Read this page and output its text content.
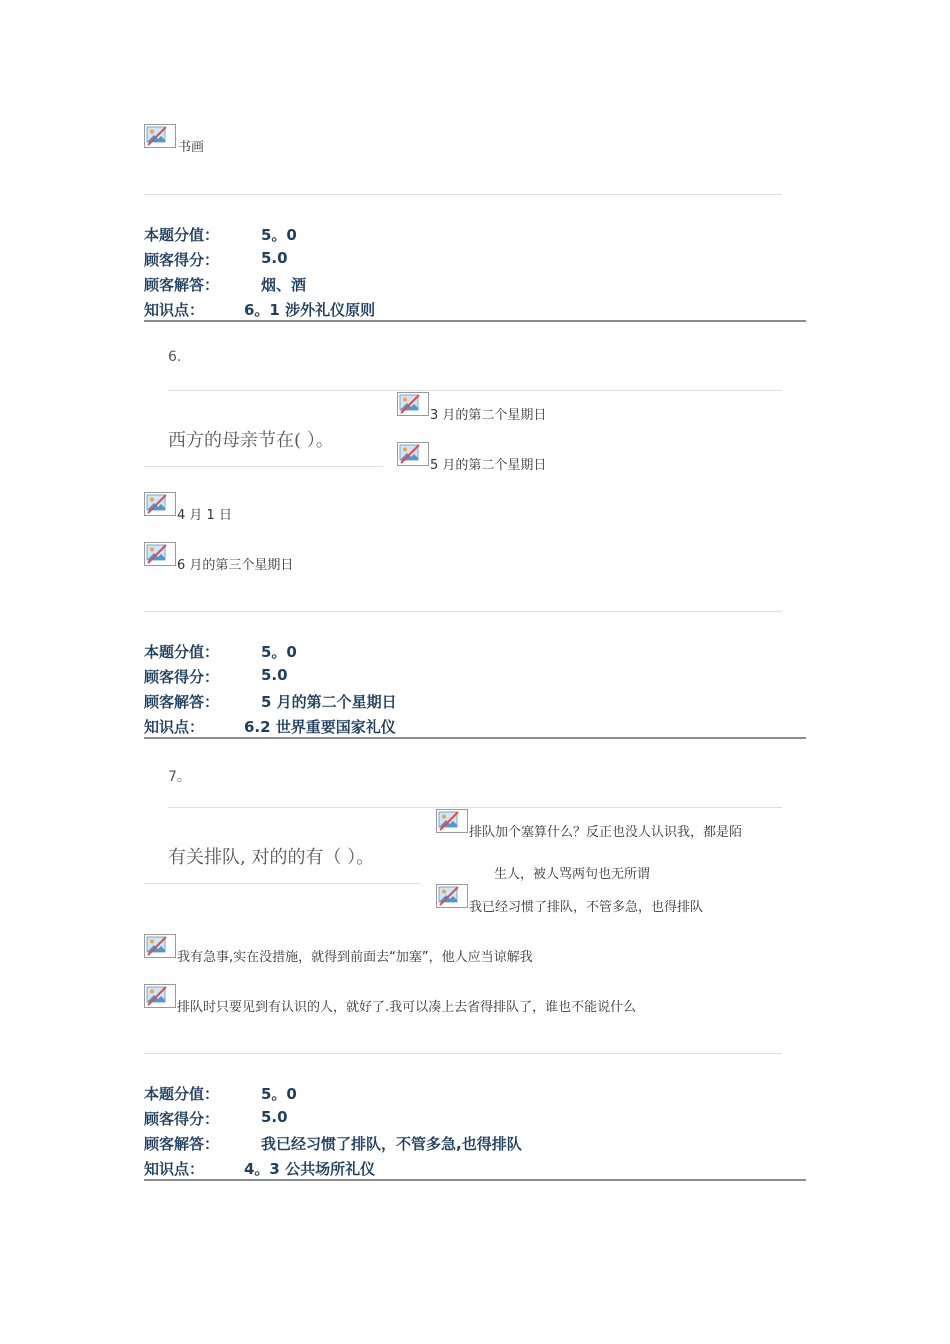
书画
本题分值：	5。0
顾客得分：	5.0
顾客解答：	烟、酒
知识点：	6。1 涉外礼仪原则
6.
西方的母亲节在( ）。
3 月的第二个星期日
5 月的第二个星期日
4 月 1 日
6 月的第三个星期日
本题分值：	5。0
顾客得分：	5.0
顾客解答：	5 月的第二个星期日
知识点：	6.2 世界重要国家礼仪
7。
有关排队, 对的的有（ ）。
排队加个塞算什么？反正也没人认识我，都是陌
生人，被人骂两句也无所谓
我已经习惯了排队，不管多急，也得排队
我有急事,实在没措施，就得到前面去“加塞”，他人应当谅解我
排队时只要见到有认识的人，就好了.我可以凑上去省得排队了，谁也不能说什么
本题分值：	5。0
顾客得分：	5.0
顾客解答：	我已经习惯了排队，不管多急,也得排队
知识点：	4。3 公共场所礼仪
